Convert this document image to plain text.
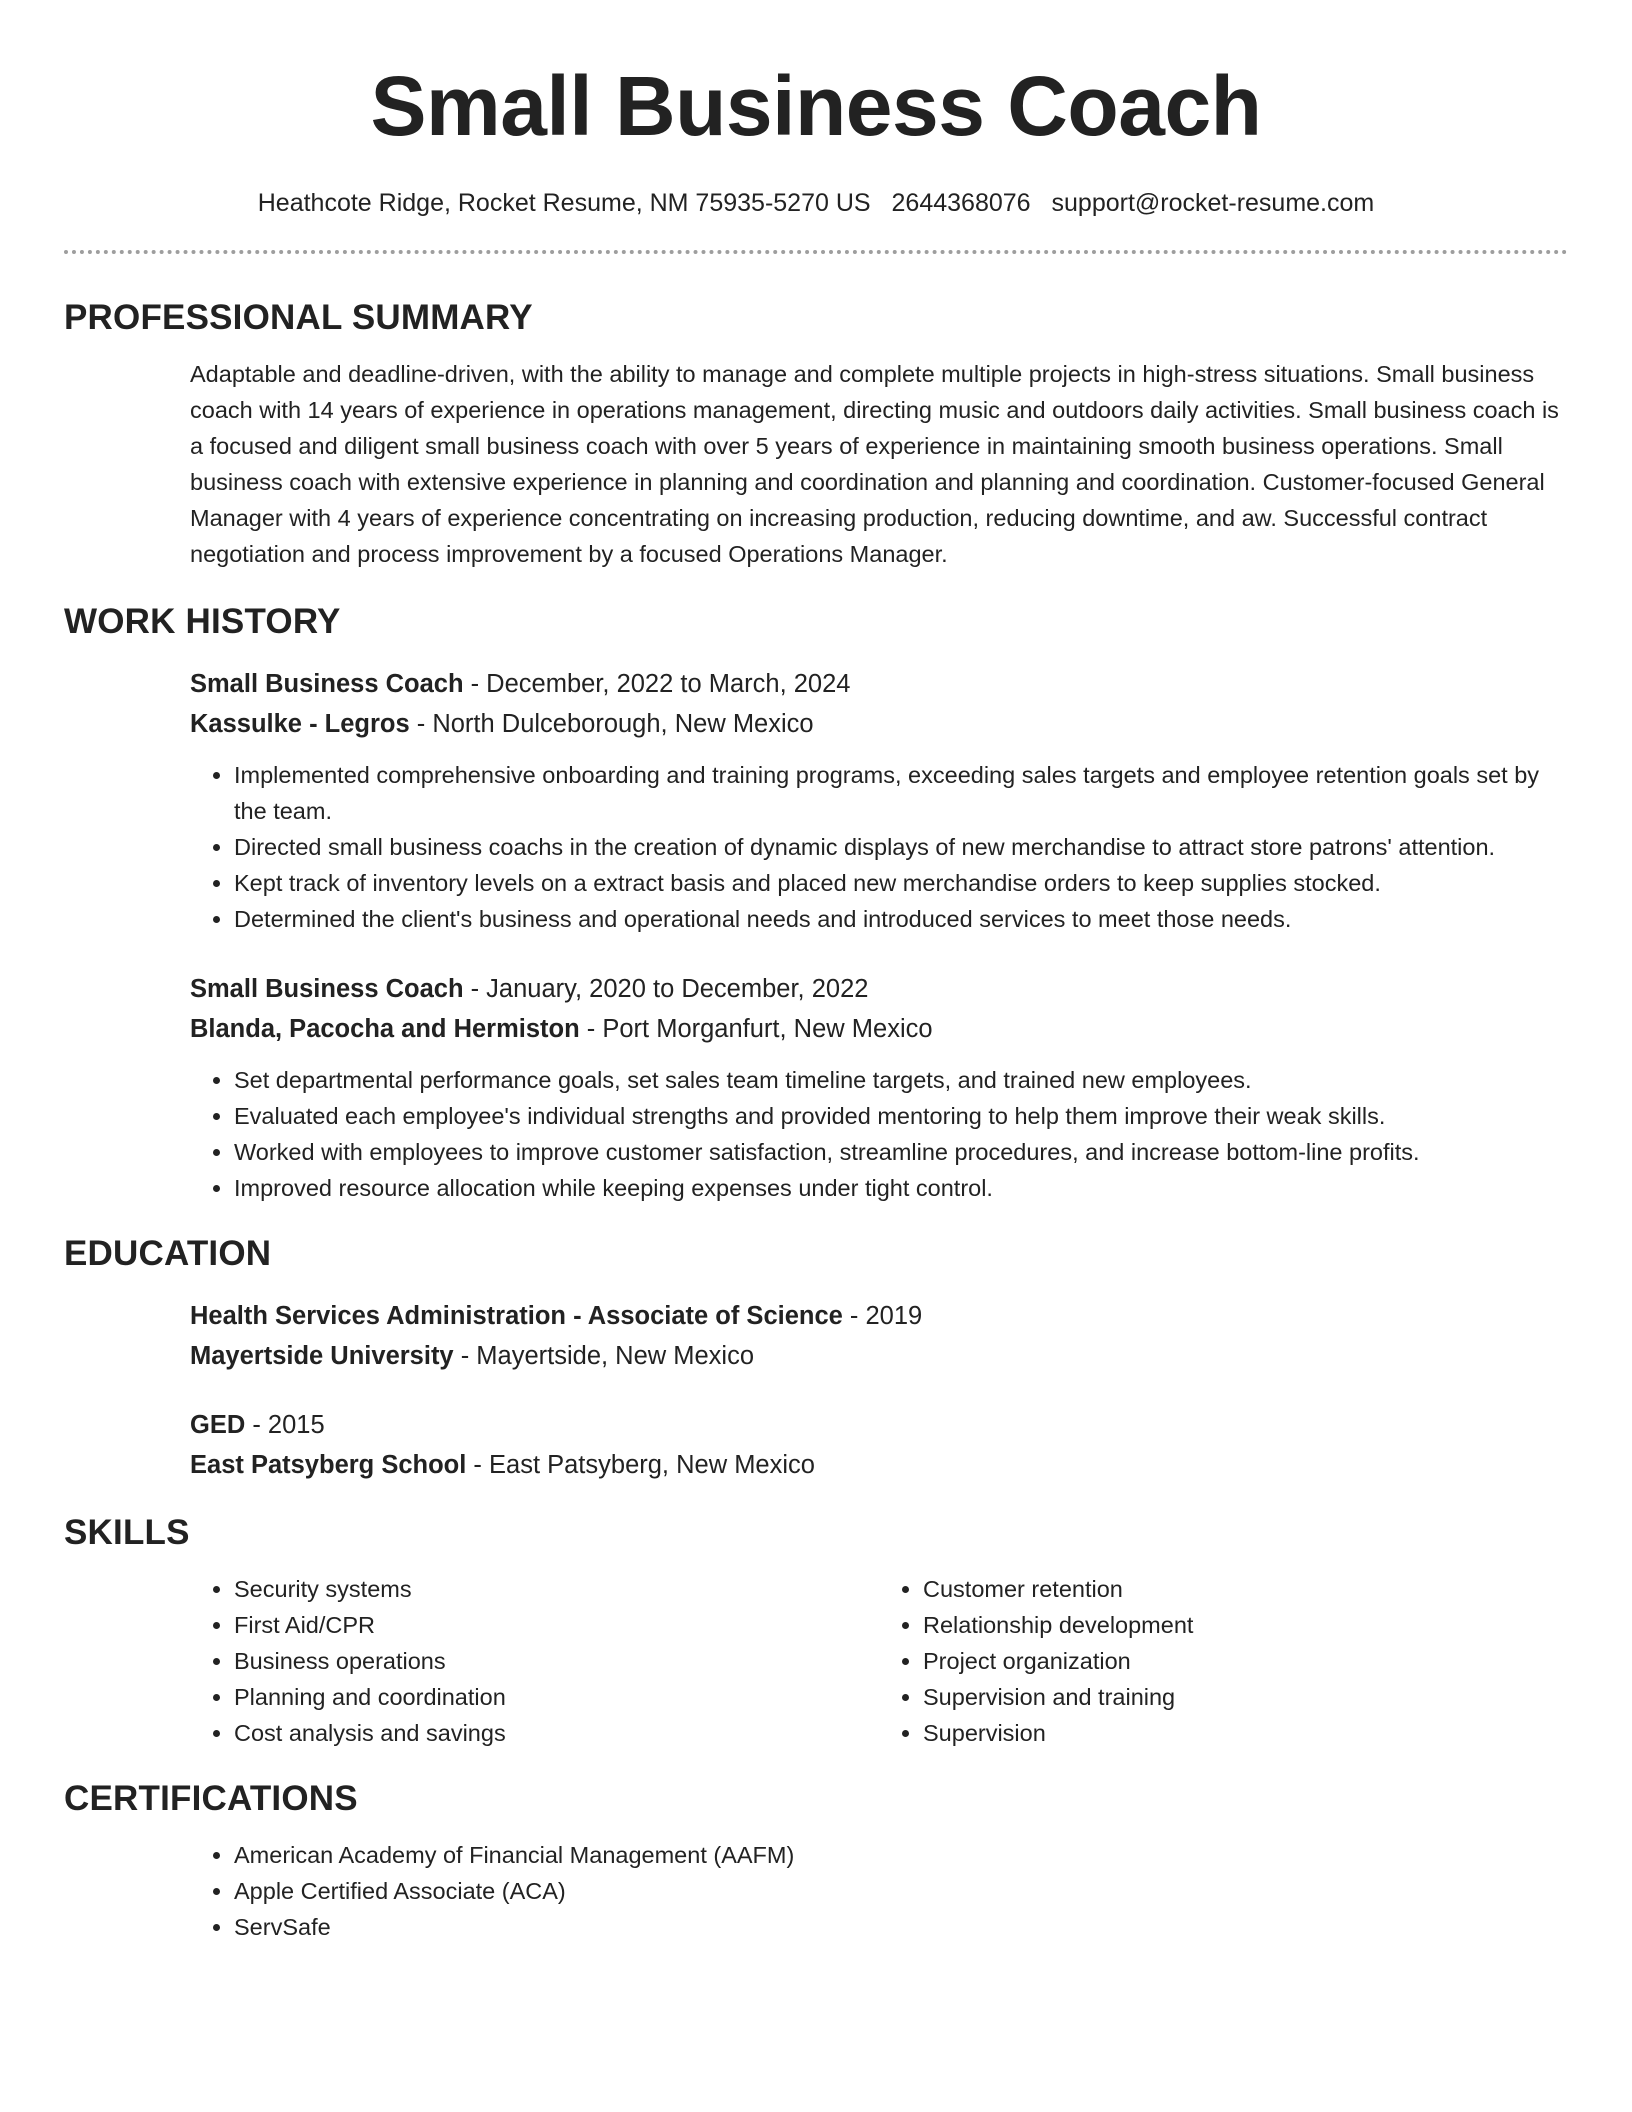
Small Business Coach
Heathcote Ridge, Rocket Resume, NM 75935-5270 US 2644368076 support@rocket-resume.com
PROFESSIONAL SUMMARY

Adaptable and deadline-driven, with the ability to manage and complete multiple projects in high-stress situations. Small business coach with 14 years of experience in operations management, directing music and outdoors daily activities. Small business coach is a focused and diligent small business coach with over 5 years of experience in maintaining smooth business operations. Small business coach with extensive experience in planning and coordination and planning and coordination. Customer-focused General Manager with 4 years of experience concentrating on increasing production, reducing downtime, and aw. Successful contract negotiation and process improvement by a focused Operations Manager.

WORK HISTORY
Small Business Coach - December, 2022 to March, 2024
Kassulke - Legros - North Dulceborough, New Mexico
• Implemented comprehensive onboarding and training programs, exceeding sales targets and employee retention goals set by the team.
• Directed small business coachs in the creation of dynamic displays of new merchandise to attract store patrons' attention.
• Kept track of inventory levels on a extract basis and placed new merchandise orders to keep supplies stocked.
• Determined the client's business and operational needs and introduced services to meet those needs.
Small Business Coach - January, 2020 to December, 2022
Blanda, Pacocha and Hermiston - Port Morganfurt, New Mexico
• Set departmental performance goals, set sales team timeline targets, and trained new employees.
• Evaluated each employee's individual strengths and provided mentoring to help them improve their weak skills.
• Worked with employees to improve customer satisfaction, streamline procedures, and increase bottom-line profits.
• Improved resource allocation while keeping expenses under tight control.
EDUCATION
Health Services Administration - Associate of Science - 2019
Mayertside University - Mayertside, New Mexico
GED - 2015
East Patsyberg School - East Patsyberg, New Mexico
SKILLS
• Security systems
• First Aid/CPR
• Business operations
• Planning and coordination
• Cost analysis and savings
• Customer retention
• Relationship development
• Project organization
• Supervision and training
• Supervision
CERTIFICATIONS
• American Academy of Financial Management (AAFM)
• Apple Certified Associate (ACA)
• ServSafe
